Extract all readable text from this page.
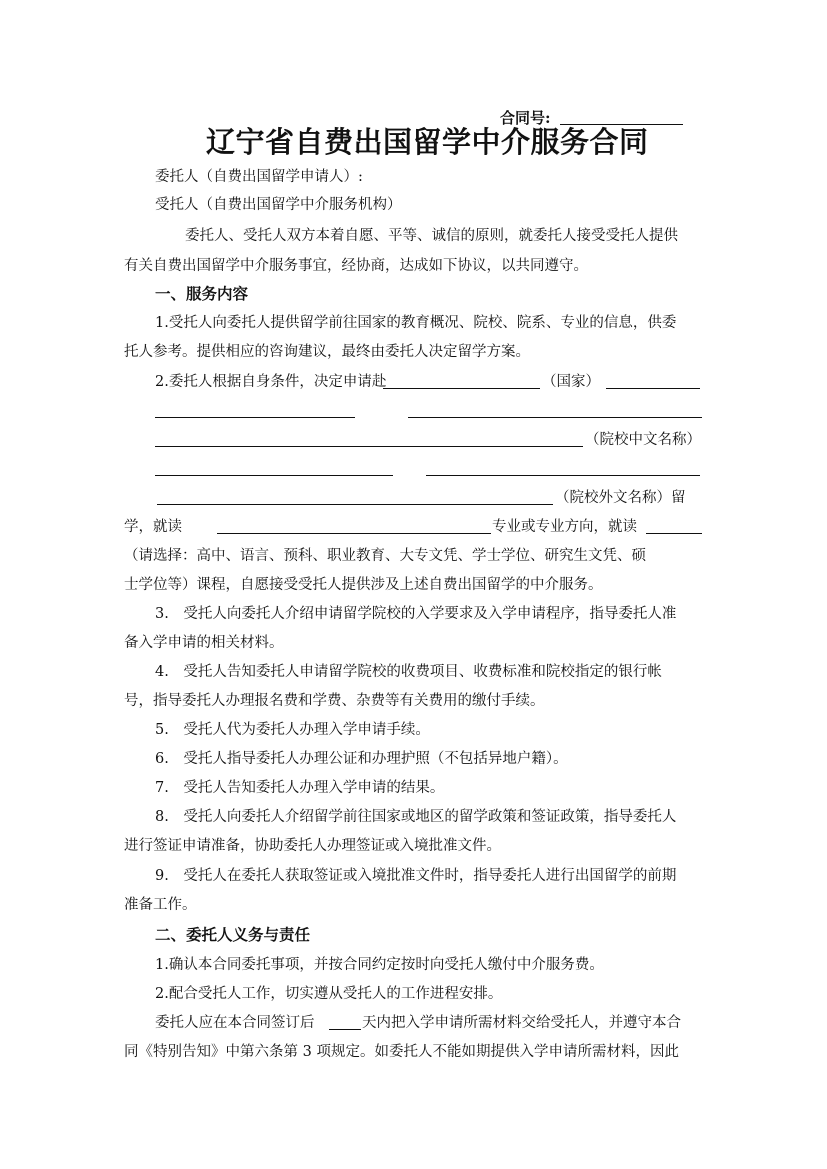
合同号:
辽宁省自费出国留学中介服务合同
委托人（自费出国留学申请人）:
受托人（自费出国留学中介服务机构）
委托人、受托人双方本着自愿、平等、诚信的原则，就委托人接受受托人提供
有关自费出国留学中介服务事宜，经协商，达成如下协议，以共同遵守。
一、服务内容
1.受托人向委托人提供留学前往国家的教育概况、院校、院系、专业的信息，供委
托人参考。提供相应的咨询建议，最终由委托人决定留学方案。
2.委托人根据自身条件，决定申请赴	（国家）
（院校中文名称）
（院校外文名称）留
学，就读	专业或专业方向，就读
（请选择：高中、语言、预科、职业教育、大专文凭、学士学位、研究生文凭、硕
士学位等）课程，自愿接受受托人提供涉及上述自费出国留学的中介服务。
3.　受托人向委托人介绍申请留学院校的入学要求及入学申请程序，指导委托人准
备入学申请的相关材料。
4.　受托人告知委托人申请留学院校的收费项目、收费标准和院校指定的银行帐
号，指导委托人办理报名费和学费、杂费等有关费用的缴付手续。
5.　受托人代为委托人办理入学申请手续。
6.　受托人指导委托人办理公证和办理护照（不包括异地户籍）。
7.　受托人告知委托人办理入学申请的结果。
8.　受托人向委托人介绍留学前往国家或地区的留学政策和签证政策，指导委托人
进行签证申请准备，协助委托人办理签证或入境批准文件。
9.　受托人在委托人获取签证或入境批准文件时，指导委托人进行出国留学的前期
准备工作。
二、委托人义务与责任
1.确认本合同委托事项，并按合同约定按时向受托人缴付中介服务费。
2.配合受托人工作，切实遵从受托人的工作进程安排。
委托人应在本合同签订后	天内把入学申请所需材料交给受托人，并遵守本合
同《特别告知》中第六条第 3 项规定。如委托人不能如期提供入学申请所需材料，因此
